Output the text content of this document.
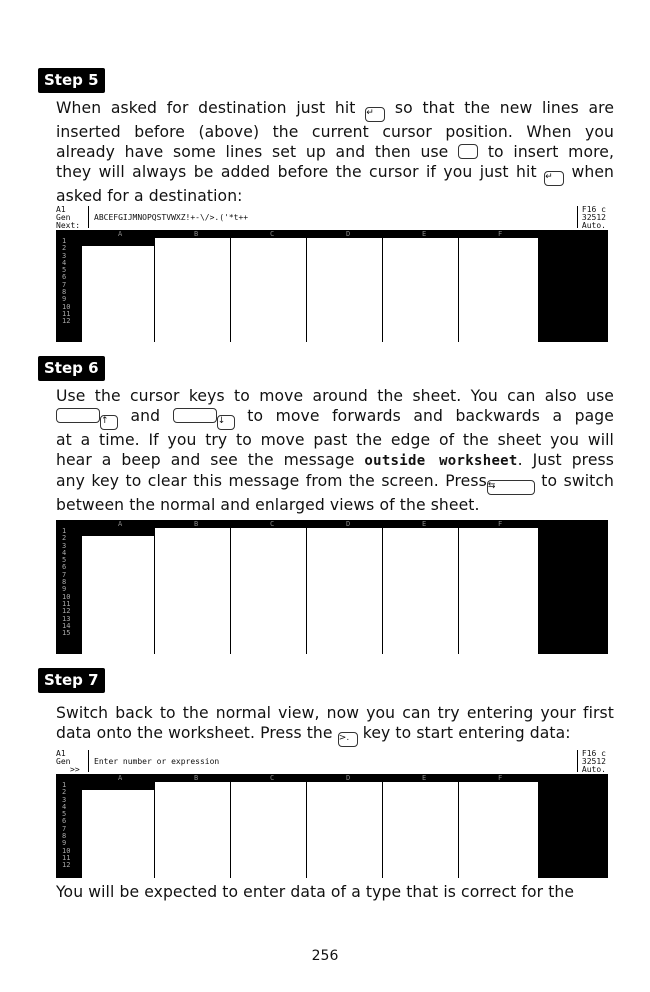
Step 5
When asked for destination just hit ↵ so that the new lines are
inserted before (above) the current cursor position. When you
already have some lines set up and then use	to insert more,
they will always be added before the cursor if you just hit ↵ when
asked for a destination:
A1
Gen
Next:
ABCEFGIJMNOPQSTVWXZ!+-\/>.('*t++
F16 c
32512
Auto.
A	B	C	D	E	F
1
2
3
4
5
6
7
8
9
10
11
12
Step 6
Use the cursor keys to move around the sheet. You can also use
↑ and	↓ to move forwards and backwards a page
at a time. If you try to move past the edge of the sheet you will
hear a beep and see the message outside worksheet. Just press
any key to clear this message from the screen. Press⇆	to switch
between the normal and enlarged views of the sheet.
A	B	C	D	E	F
1
2
3
4
5
6
7
8
9
10
11
12
13
14
15
Step 7
Switch back to the normal view, now you can try entering your first
data onto the worksheet. Press the >. key to start entering data:
A1
Gen
>>
Enter number or expression
F16 c
32512
Auto.
A	B	C	D	E	F
1
2
3
4
5
6
7
8
9
10
11
12
You will be expected to enter data of a type that is correct for the
256
